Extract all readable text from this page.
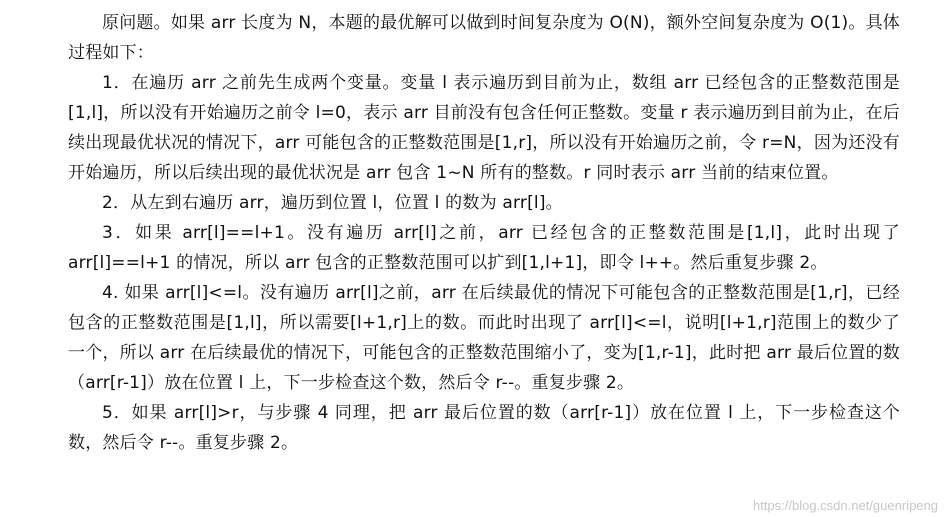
原问题。如果 arr 长度为 N，本题的最优解可以做到时间复杂度为 O(N)，额外空间复杂度为 O(1)。具体过程如下：

1．在遍历 arr 之前先生成两个变量。变量 l 表示遍历到目前为止，数组 arr 已经包含的正整数范围是[1,l]，所以没有开始遍历之前令 l=0，表示 arr 目前没有包含任何正整数。变量 r 表示遍历到目前为止，在后续出现最优状况的情况下，arr 可能包含的正整数范围是[1,r]，所以没有开始遍历之前，令 r=N，因为还没有开始遍历，所以后续出现的最优状况是 arr 包含 1~N 所有的整数。r 同时表示 arr 当前的结束位置。

2．从左到右遍历 arr，遍历到位置 l，位置 l 的数为 arr[l]。

3．如果 arr[l]==l+1。没有遍历 arr[l]之前，arr 已经包含的正整数范围是[1,l]，此时出现了 arr[l]==l+1 的情况，所以 arr 包含的正整数范围可以扩到[1,l+1]，即令 l++。然后重复步骤 2。

4. 如果 arr[l]<=l。没有遍历 arr[l]之前，arr 在后续最优的情况下可能包含的正整数范围是[1,r]，已经包含的正整数范围是[1,l]，所以需要[l+1,r]上的数。而此时出现了 arr[l]<=l，说明[l+1,r]范围上的数少了一个，所以 arr 在后续最优的情况下，可能包含的正整数范围缩小了，变为[1,r-1]，此时把 arr 最后位置的数（arr[r-1]）放在位置 l 上，下一步检查这个数，然后令 r--。重复步骤 2。

5．如果 arr[l]>r，与步骤 4 同理，把 arr 最后位置的数（arr[r-1]）放在位置 l 上，下一步检查这个数，然后令 r--。重复步骤 2。

https://blog.csdn.net/guenripeng
